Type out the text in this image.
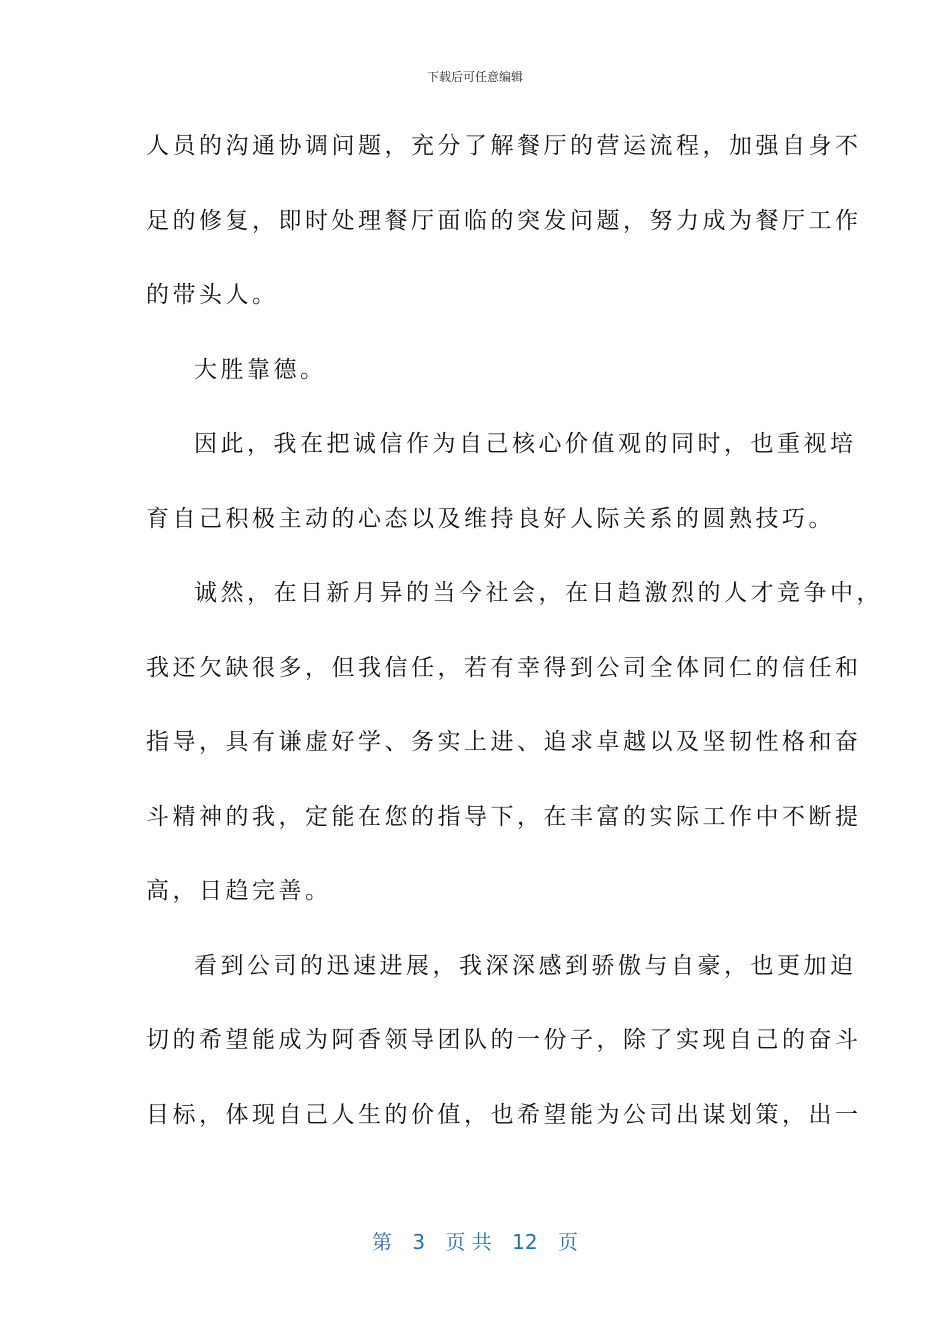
下载后可任意编辑
人员的沟通协调问题，充分了解餐厅的营运流程，加强自身不
足的修复，即时处理餐厅面临的突发问题，努力成为餐厅工作
的带头人。
大胜靠德。
因此，我在把诚信作为自己核心价值观的同时，也重视培
育自己积极主动的心态以及维持良好人际关系的圆熟技巧。
诚然，在日新月异的当今社会，在日趋激烈的人才竞争中，
我还欠缺很多，但我信任，若有幸得到公司全体同仁的信任和
指导，具有谦虚好学、务实上进、追求卓越以及坚韧性格和奋
斗精神的我，定能在您的指导下，在丰富的实际工作中不断提
高，日趋完善。
看到公司的迅速进展，我深深感到骄傲与自豪，也更加迫
切的希望能成为阿香领导团队的一份子，除了实现自己的奋斗
目标，体现自己人生的价值，也希望能为公司出谋划策，出一
第 3 页 共 12 页
